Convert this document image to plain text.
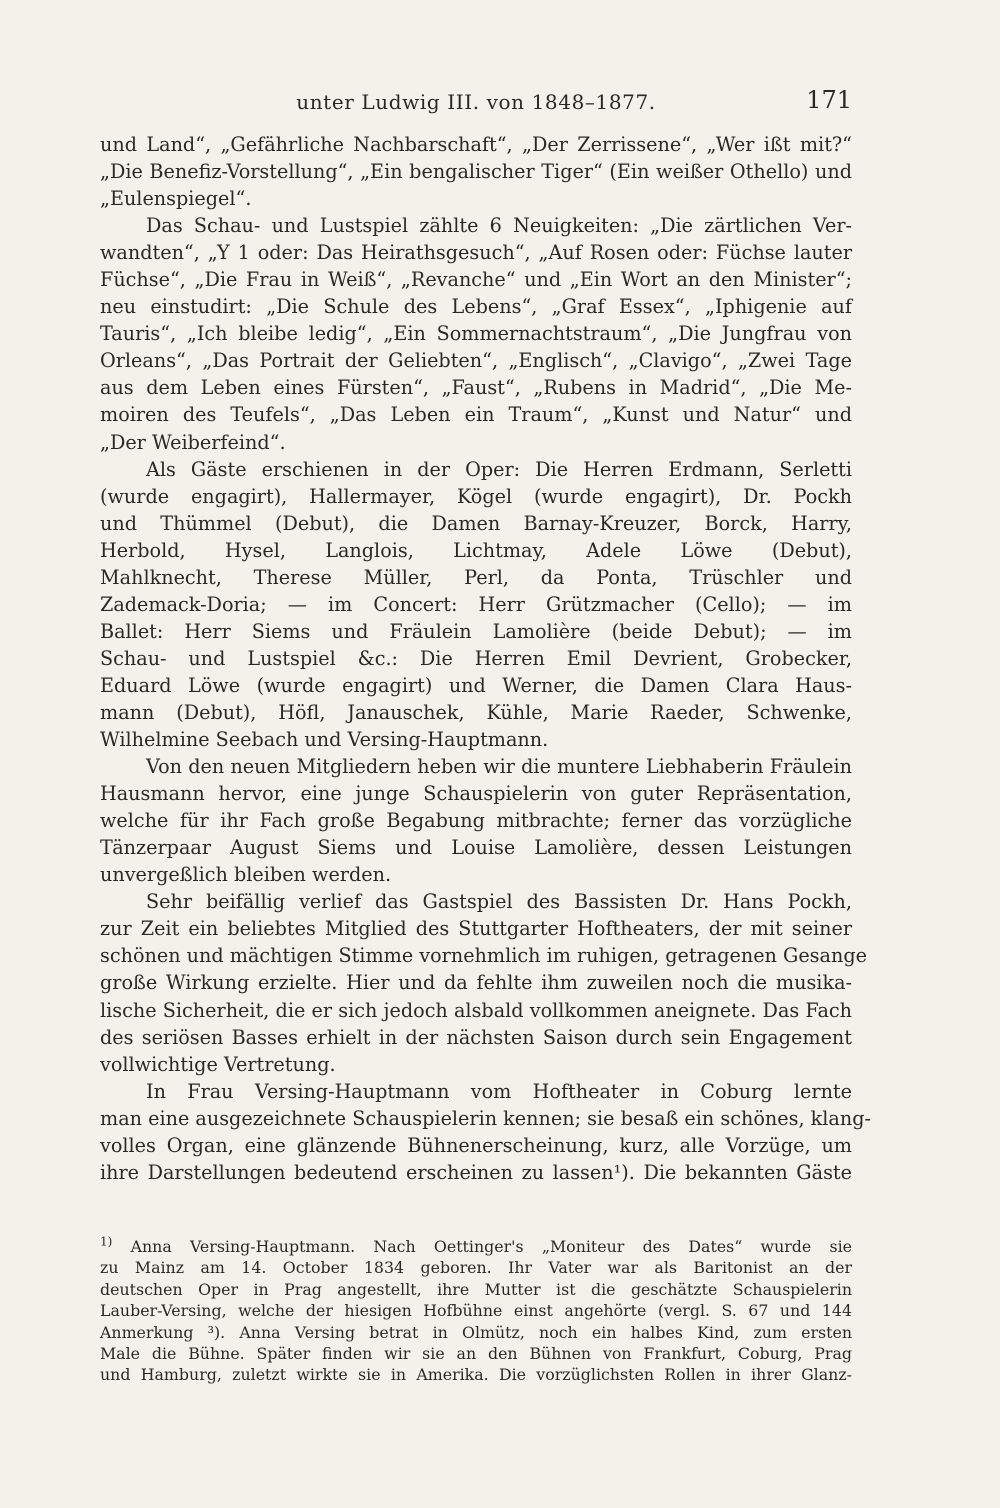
unter Ludwig III. von 1848–1877.	171
und Land“, „Gefährliche Nachbarschaft“, „Der Zerrissene“, „Wer ißt mit?“
„Die Benefiz-Vorstellung“, „Ein bengalischer Tiger“ (Ein weißer Othello) und
„Eulenspiegel“.
Das Schau- und Lustspiel zählte 6 Neuigkeiten: „Die zärtlichen Ver-
wandten“, „Y 1 oder: Das Heirathsgesuch“, „Auf Rosen oder: Füchse lauter
Füchse“, „Die Frau in Weiß“, „Revanche“ und „Ein Wort an den Minister“;
neu einstudirt: „Die Schule des Lebens“, „Graf Essex“, „Iphigenie auf
Tauris“, „Ich bleibe ledig“, „Ein Sommernachtstraum“, „Die Jungfrau von
Orleans“, „Das Portrait der Geliebten“, „Englisch“, „Clavigo“, „Zwei Tage
aus dem Leben eines Fürsten“, „Faust“, „Rubens in Madrid“, „Die Me-
moiren des Teufels“, „Das Leben ein Traum“, „Kunst und Natur“ und
„Der Weiberfeind“.
Als Gäste erschienen in der Oper: Die Herren Erdmann, Serletti
(wurde engagirt), Hallermayer, Kögel (wurde engagirt), Dr. Pockh
und Thümmel (Debut), die Damen Barnay-Kreuzer, Borck, Harry,
Herbold, Hysel, Langlois, Lichtmay, Adele Löwe (Debut),
Mahlknecht, Therese Müller, Perl, da Ponta, Trüschler und
Zademack-Doria; — im Concert: Herr Grützmacher (Cello); — im
Ballet: Herr Siems und Fräulein Lamolière (beide Debut); — im
Schau- und Lustspiel &c.: Die Herren Emil Devrient, Grobecker,
Eduard Löwe (wurde engagirt) und Werner, die Damen Clara Haus-
mann (Debut), Höfl, Janauschek, Kühle, Marie Raeder, Schwenke,
Wilhelmine Seebach und Versing-Hauptmann.
Von den neuen Mitgliedern heben wir die muntere Liebhaberin Fräulein
Hausmann hervor, eine junge Schauspielerin von guter Repräsentation,
welche für ihr Fach große Begabung mitbrachte; ferner das vorzügliche
Tänzerpaar August Siems und Louise Lamolière, dessen Leistungen
unvergeßlich bleiben werden.
Sehr beifällig verlief das Gastspiel des Bassisten Dr. Hans Pockh,
zur Zeit ein beliebtes Mitglied des Stuttgarter Hoftheaters, der mit seiner
schönen und mächtigen Stimme vornehmlich im ruhigen, getragenen Gesange
große Wirkung erzielte. Hier und da fehlte ihm zuweilen noch die musika-
lische Sicherheit, die er sich jedoch alsbald vollkommen aneignete. Das Fach
des seriösen Basses erhielt in der nächsten Saison durch sein Engagement
vollwichtige Vertretung.
In Frau Versing-Hauptmann vom Hoftheater in Coburg lernte
man eine ausgezeichnete Schauspielerin kennen; sie besaß ein schönes, klang-
volles Organ, eine glänzende Bühnenerscheinung, kurz, alle Vorzüge, um
ihre Darstellungen bedeutend erscheinen zu lassen¹). Die bekannten Gäste
$^{1)}$ Anna Versing-Hauptmann. Nach Oettinger's „Moniteur des Dates“ wurde sie
zu Mainz am 14. October 1834 geboren. Ihr Vater war als Baritonist an der
deutschen Oper in Prag angestellt, ihre Mutter ist die geschätzte Schauspielerin
Lauber-Versing, welche der hiesigen Hofbühne einst angehörte (vergl. S. 67 und 144
Anmerkung ³). Anna Versing betrat in Olmütz, noch ein halbes Kind, zum ersten
Male die Bühne. Später finden wir sie an den Bühnen von Frankfurt, Coburg, Prag
und Hamburg, zuletzt wirkte sie in Amerika. Die vorzüglichsten Rollen in ihrer Glanz-
